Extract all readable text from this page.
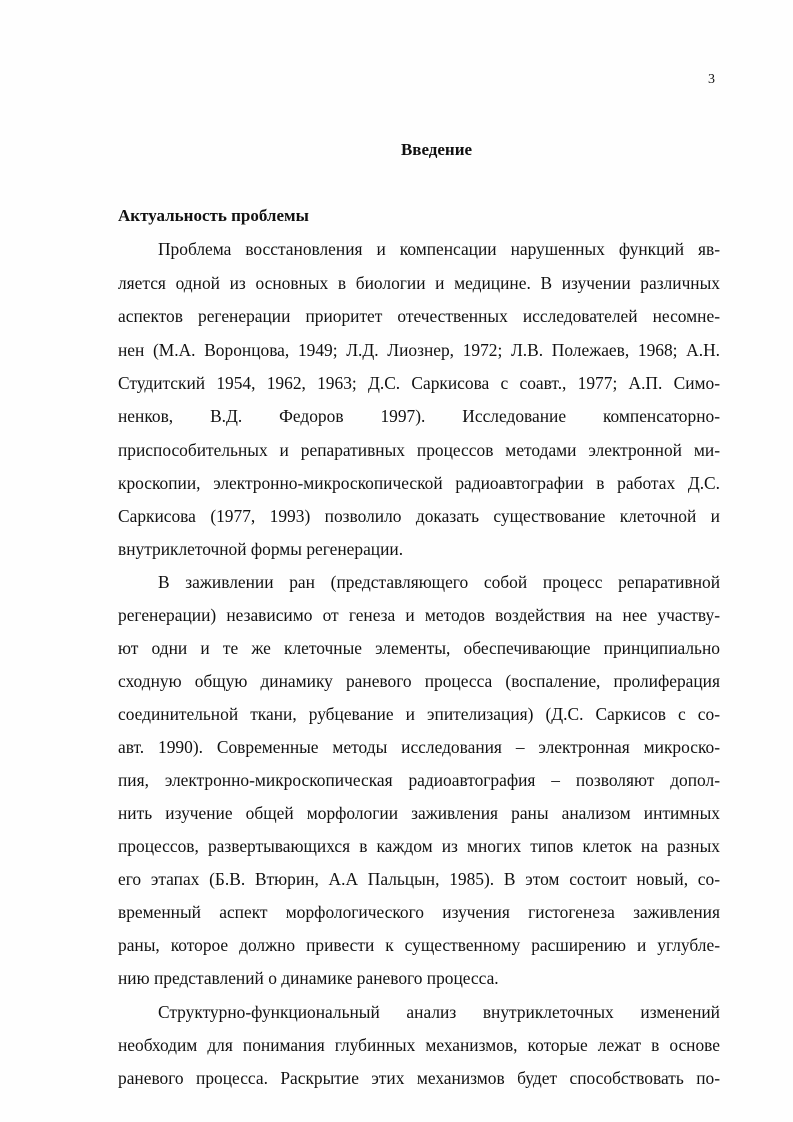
3
Введение
Актуальность проблемы
Проблема восстановления и компенсации нарушенных функций яв-
ляется одной из основных в биологии и медицине. В изучении различных
аспектов регенерации приоритет отечественных исследователей несомне-
нен (М.А. Воронцова, 1949; Л.Д. Лиознер, 1972; Л.В. Полежаев, 1968; А.Н.
Студитский 1954, 1962, 1963; Д.С. Саркисова с соавт., 1977; А.П. Симо-
ненков, В.Д. Федоров 1997). Исследование компенсаторно-
приспособительных и репаративных процессов методами электронной ми-
кроскопии, электронно-микроскопической радиоавтографии в работах Д.С.
Саркисова (1977, 1993) позволило доказать существование клеточной и
внутриклеточной формы регенерации.
В заживлении ран (представляющего собой процесс репаративной
регенерации) независимо от генеза и методов воздействия на нее участву-
ют одни и те же клеточные элементы, обеспечивающие принципиально
сходную общую динамику раневого процесса (воспаление, пролиферация
соединительной ткани, рубцевание и эпителизация) (Д.С. Саркисов с со-
авт. 1990). Современные методы исследования – электронная микроско-
пия, электронно-микроскопическая радиоавтография – позволяют допол-
нить изучение общей морфологии заживления раны анализом интимных
процессов, развертывающихся в каждом из многих типов клеток на разных
его этапах (Б.В. Втюрин, А.А Пальцын, 1985). В этом состоит новый, со-
временный аспект морфологического изучения гистогенеза заживления
раны, которое должно привести к существенному расширению и углубле-
нию представлений о динамике раневого процесса.
Структурно-функциональный анализ внутриклеточных изменений
необходим для понимания глубинных механизмов, которые лежат в основе
раневого процесса. Раскрытие этих механизмов будет способствовать по-
